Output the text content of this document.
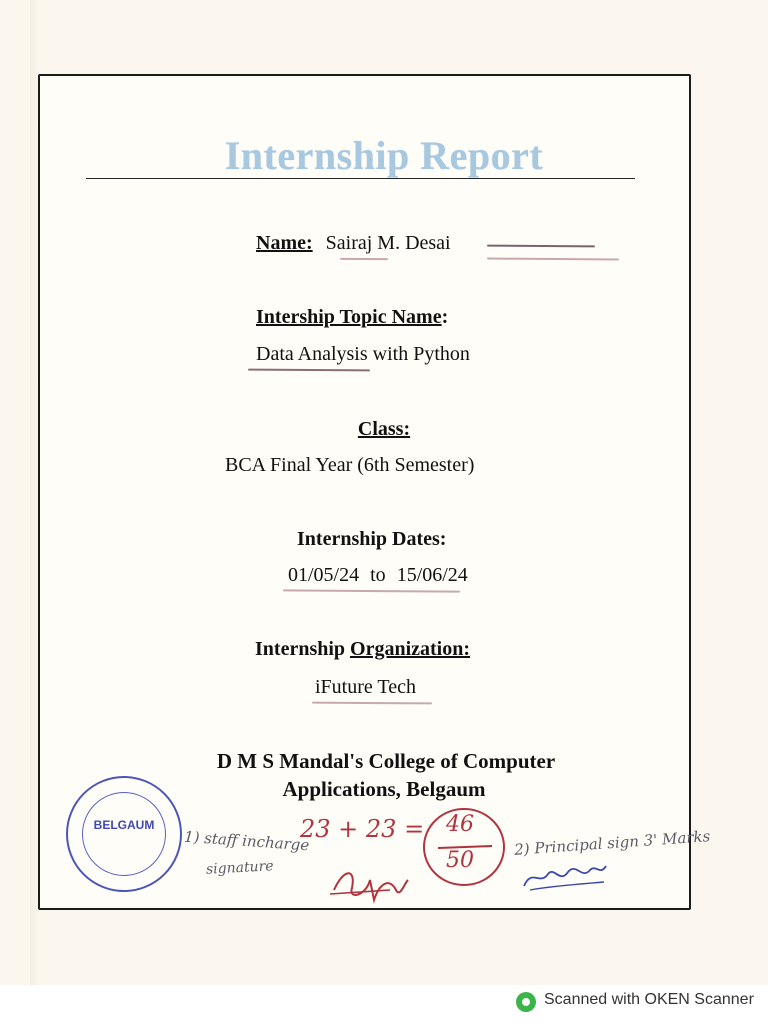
Internship Report
Name: Sairaj M. Desai
Intership Topic Name:
Data Analysis with Python
Class:
BCA Final Year (6th Semester)
Internship Dates:
01/05/24 to 15/06/24
Internship Organization:
iFuture Tech
D M S Mandal's College of Computer
Applications, Belgaum
BELGAUM
1) staff incharge
signature
23 + 23 = 46
50
2) Principal sign 3' Marks
Scanned with OKEN Scanner
